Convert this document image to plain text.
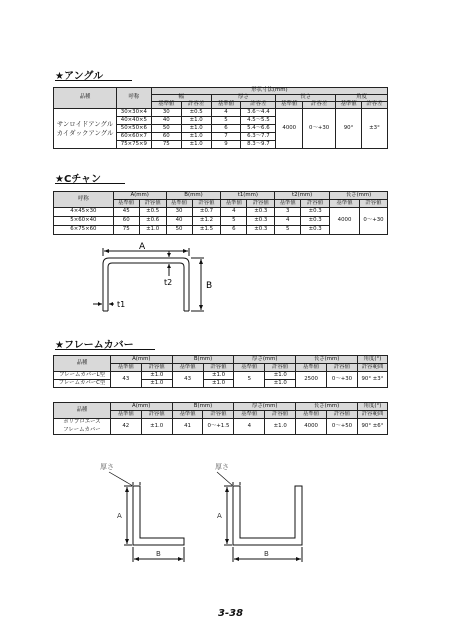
★アングル
品種	呼称	形状寸法(mm)							
		幅		厚さ		長さ		角度	
		基準値	許容差	基準値	許容差	基準値	許容差	基準値	許容差
サンロイドアングル
カイダックアングル	30×30×4	30	±0.5	4	3.6～4.4	4000	0～+30	90°	±3°
	40×40×5	40	±1.0	5	4.5～5.5				
	50×50×6	50	±1.0	6	5.4～6.6				
	60×60×7	60	±1.0	7	6.3～7.7				
	75×75×9	75	±1.0	9	8.3～9.7				
★Cチャン
呼称	A(mm)		B(mm)		t1(mm)		t2(mm)		長さ(mm)	
	基準値	許容値	基準値	許容値	基準値	許容値	基準値	許容値	基準値	許容値
4×45×30	45	±0.5	30	±0.7	4	±0.3	3	±0.3	4000	0～+30
5×60×40	60	±0.6	40	±1.2	5	±0.3	4	±0.3		
6×75×60	75	±1.0	50	±1.5	6	±0.3	5	±0.3		
A
B
t2
t1
★フレームカバー
品種	A(mm)		B(mm)		厚さ(mm)		長さ(mm)		角度(°)
	基準値	許容値	基準値	許容値	基準値	許容値	基準値	許容値	許容範囲
フレームカバーL型	43	±1.0	43	±1.0	5	±1.0	2500	0～+30	90° ±3°
フレームカバーC型		±1.0		±1.0		±1.0			
品種	A(mm)		B(mm)		厚さ(mm)		長さ(mm)		角度(°)
	基準値	許容値	基準値	許容値	基準値	許容値	基準値	許容値	許容範囲
ポリプロエース
フレームカバー	42	±1.0	41	0～+1.5	4	±1.0	4000	0～+50	90° ±6°
厚さ
A
B
厚さ
A
B
3-38
